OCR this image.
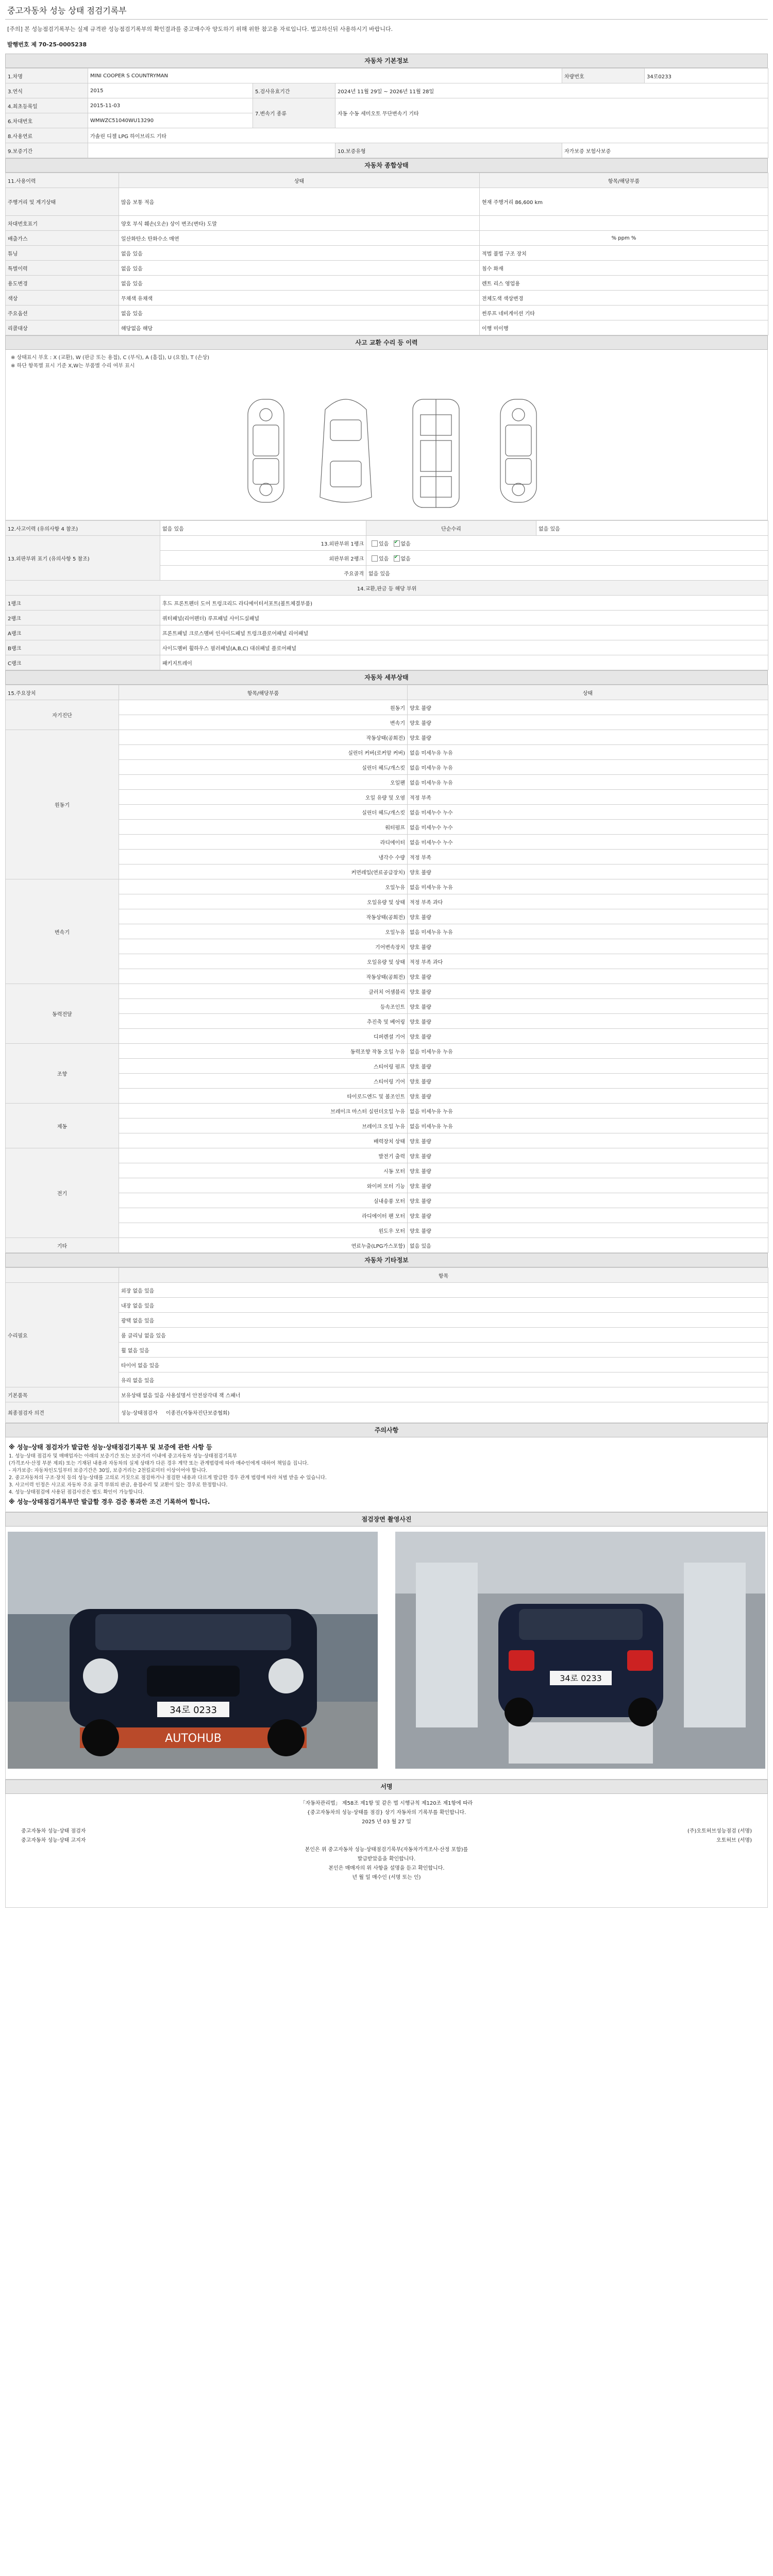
중고자동차 성능 상태 점검기록부
[주의] 본 성능점검기록부는 실제 규격판 성능점검기록부의 확인결과를 중고매수자 양도하기 위해 위한 참고용 자료입니다. 법고하신뒤 사용하시기 바랍니다.
발행번호 제 70-25-0005238
자동차 기본정보
1.차명	MINI COOPER S COUNTRYMAN			차량번호	34로0233
3.연식	2015	5.검사유효기간	2024년 11월 29일 ~ 2026년 11월 28일		
4.최초등록일	2015-11-03	7.변속기 종류	자동 수동 세미오토 무단변속기 기타		
6.차대번호	WMWZC51040WU13290				
8.사용연료	가솔린 디젤 LPG 하이브리드 기타				
9.보증기간			10.보증유형	자가보증 보험사보증	
자동차 종합상태
11.사용이력	상태	항목/해당부품
주행거리 및 계기상태	많음 보통 적음	현재 주행거리 86,600 km
차대번호표기	양호 부식 훼손(오손) 상이 변조(변타) 도말	
배출가스	일산화탄소 탄화수소 매연	% ppm %
튜닝	없음 있음	적법 불법 구조 장치
특별이력	없음 있음	침수 화재
용도변경	없음 있음	렌트 리스 영업용
색상	무채색 유채색	전체도색 색상변경
주요옵션	없음 있음	썬루프 네비게이션 기타
리콜대상	해당없음 해당	이행 미이행
사고 교환 수리 등 이력
※ 상태표시 부호 : X (교환), W (판금 또는 용접), C (부식), A (흠집), U (요철), T (손상)
※ 하단 항목별 표시 기준 X,W는 부품별 수리 여부 표시
12.사고이력 (유의사항 4 참조)	없음 있음	단순수리	없음 있음
13.외판부위 표기 (유의사항 5 참조)	13.외판부위 1랭크	있음 ✔없음
	외판부위 2랭크	있음 ✔없음
	주요골격	없음 있음	
14.교환,판금 등 해당 부위			
1랭크	후드 프론트펜더 도어 트렁크리드 라디에이터서포트(볼트체결부품)		
2랭크	쿼터패널(리어펜더) 루프패널 사이드실패널		
A랭크	프론트패널 크로스멤버 인사이드패널 트렁크플로어패널 리어패널		
B랭크	사이드멤버 휠하우스 필러패널(A,B,C) 대쉬패널 플로어패널		
C랭크	패키지트레이		
자동차 세부상태
15.주요장치	항목/해당부품	상태
자기진단	원동기	양호 불량
	변속기	양호 불량
원동기	작동상태(공회전)	양호 불량
	실린더 커버(로커암 커버)	없음 미세누유 누유
	실린더 헤드/개스킷	없음 미세누유 누유
	오일팬	없음 미세누유 누유
	오일 유량 및 오염	적정 부족
	실린더 헤드/개스킷	없음 미세누수 누수
	워터펌프	없음 미세누수 누수
	라디에이터	없음 미세누수 누수
	냉각수 수량	적정 부족
	커먼레일(연료공급장치)	양호 불량
변속기	오일누유	없음 미세누유 누유
	오일유량 및 상태	적정 부족 과다
	작동상태(공회전)	양호 불량
	오일누유	없음 미세누유 누유
	기어변속장치	양호 불량
	오일유량 및 상태	적정 부족 과다
	작동상태(공회전)	양호 불량
동력전달	클러치 어셈블리	양호 불량
	등속조인트	양호 불량
	추진축 및 베어링	양호 불량
	디퍼렌셜 기어	양호 불량
조향	동력조향 작동 오일 누유	없음 미세누유 누유
	스티어링 펌프	양호 불량
	스티어링 기어	양호 불량
	타이로드엔드 및 볼조인트	양호 불량
제동	브레이크 마스터 실린더오일 누유	없음 미세누유 누유
	브레이크 오일 누유	없음 미세누유 누유
	배력장치 상태	양호 불량
전기	발전기 출력	양호 불량
	시동 모터	양호 불량
	와이퍼 모터 기능	양호 불량
	실내송풍 모터	양호 불량
	라디에이터 팬 모터	양호 불량
	윈도우 모터	양호 불량
기타	연료누출(LPG가스포함)	없음 있음
자동차 기타정보
	항목
수리필요	외장 없음 있음
	내장 없음 있음
	광택 없음 있음
	룸 클리닝 없음 있음
	휠 없음 있음
	타이어 없음 있음
	유리 없음 있음
기본품목	보유상태 없음 있음 사용설명서 안전삼각대 잭 스패너
최종점검자 의견	성능·상태점검자 이종진(자동차진단보증협회)
주의사항
※ 성능·상태 점검자가 발급한 성능·상태점검기록부 및 보증에 관한 사항 등
1. 성능·상태 점검자 및 매매업자는 아래의 보증기간 또는 보증거리 이내에 중고자동차 성능·상태점검기록부
(가격조사·산정 부분 제외) 또는 기재된 내용과 자동차의 실제 상태가 다른 경우 계약 또는 관계법령에 따라 매수인에게 대하여 책임을 집니다.
- 자가보증: 자동차인도일부터 보증기간은 30일, 보증거리는 2천킬로미터 이상이어야 합니다.
2. 중고자동차의 구조·장치 등의 성능·상태를 고의로 거짓으로 점검하거나 점검한 내용과 다르게 발급한 경우 관계 법령에 따라 처벌 받을 수 있습니다.
3. 사고이력 인정은 사고로 자동차 주요 골격 부위의 판금, 용접수리 및 교환이 있는 경우로 한정합니다.
4. 성능·상태점검에 사용된 점검사진은 별도 확인이 가능합니다.
※ 성능·상태점검기록부만 발급할 경우 검증 통과한 조건 기록하여 합니다.
점검장면 촬영사진
34로 0233
AUTOHUB
34로 0233
서명
「자동차관리법」 제58조 제1항 및 같은 법 시행규칙 제120조 제1항에 따라
{중고자동차의 성능·상태를 점검} 상기 자동차의 기록부를 확인합니다.
2025 년 03 월 27 일
중고자동차 성능·상태 점검자	(주)오토허브성능점검 (서명)
중고자동차 성능·상태 고지자	오토허브 (서명)
본인은 위 중고자동차 성능·상태점검기록부(자동차가격조사·산정 포함)를
발급받았음을 확인합니다.
본인은 매매자의 위 사항을 설명을 듣고 확인합니다.
년 월 일 매수인 (서명 또는 인)
